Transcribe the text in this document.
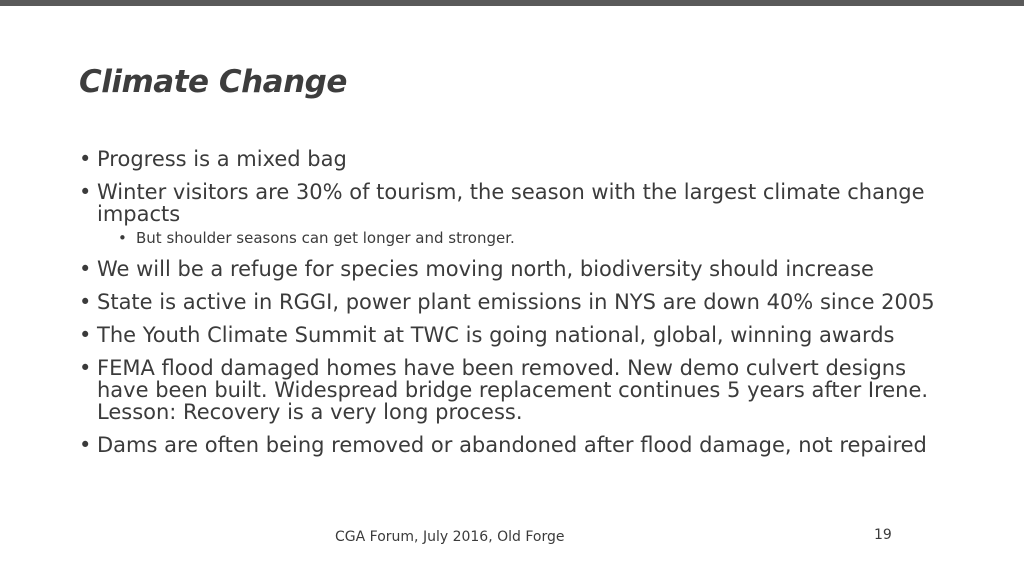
Climate Change
• Progress is a mixed bag
• Winter visitors are 30% of tourism, the season with the largest climate change impacts
• But shoulder seasons can get longer and stronger.
• We will be a refuge for species moving north, biodiversity should increase
• State is active in RGGI, power plant emissions in NYS are down 40% since 2005
• The Youth Climate Summit at TWC is going national, global, winning awards
• FEMA flood damaged homes have been removed. New demo culvert designs have been built. Widespread bridge replacement continues 5 years after Irene. Lesson: Recovery is a very long process.
• Dams are often being removed or abandoned after flood damage, not repaired
CGA Forum, July 2016, Old Forge	19
